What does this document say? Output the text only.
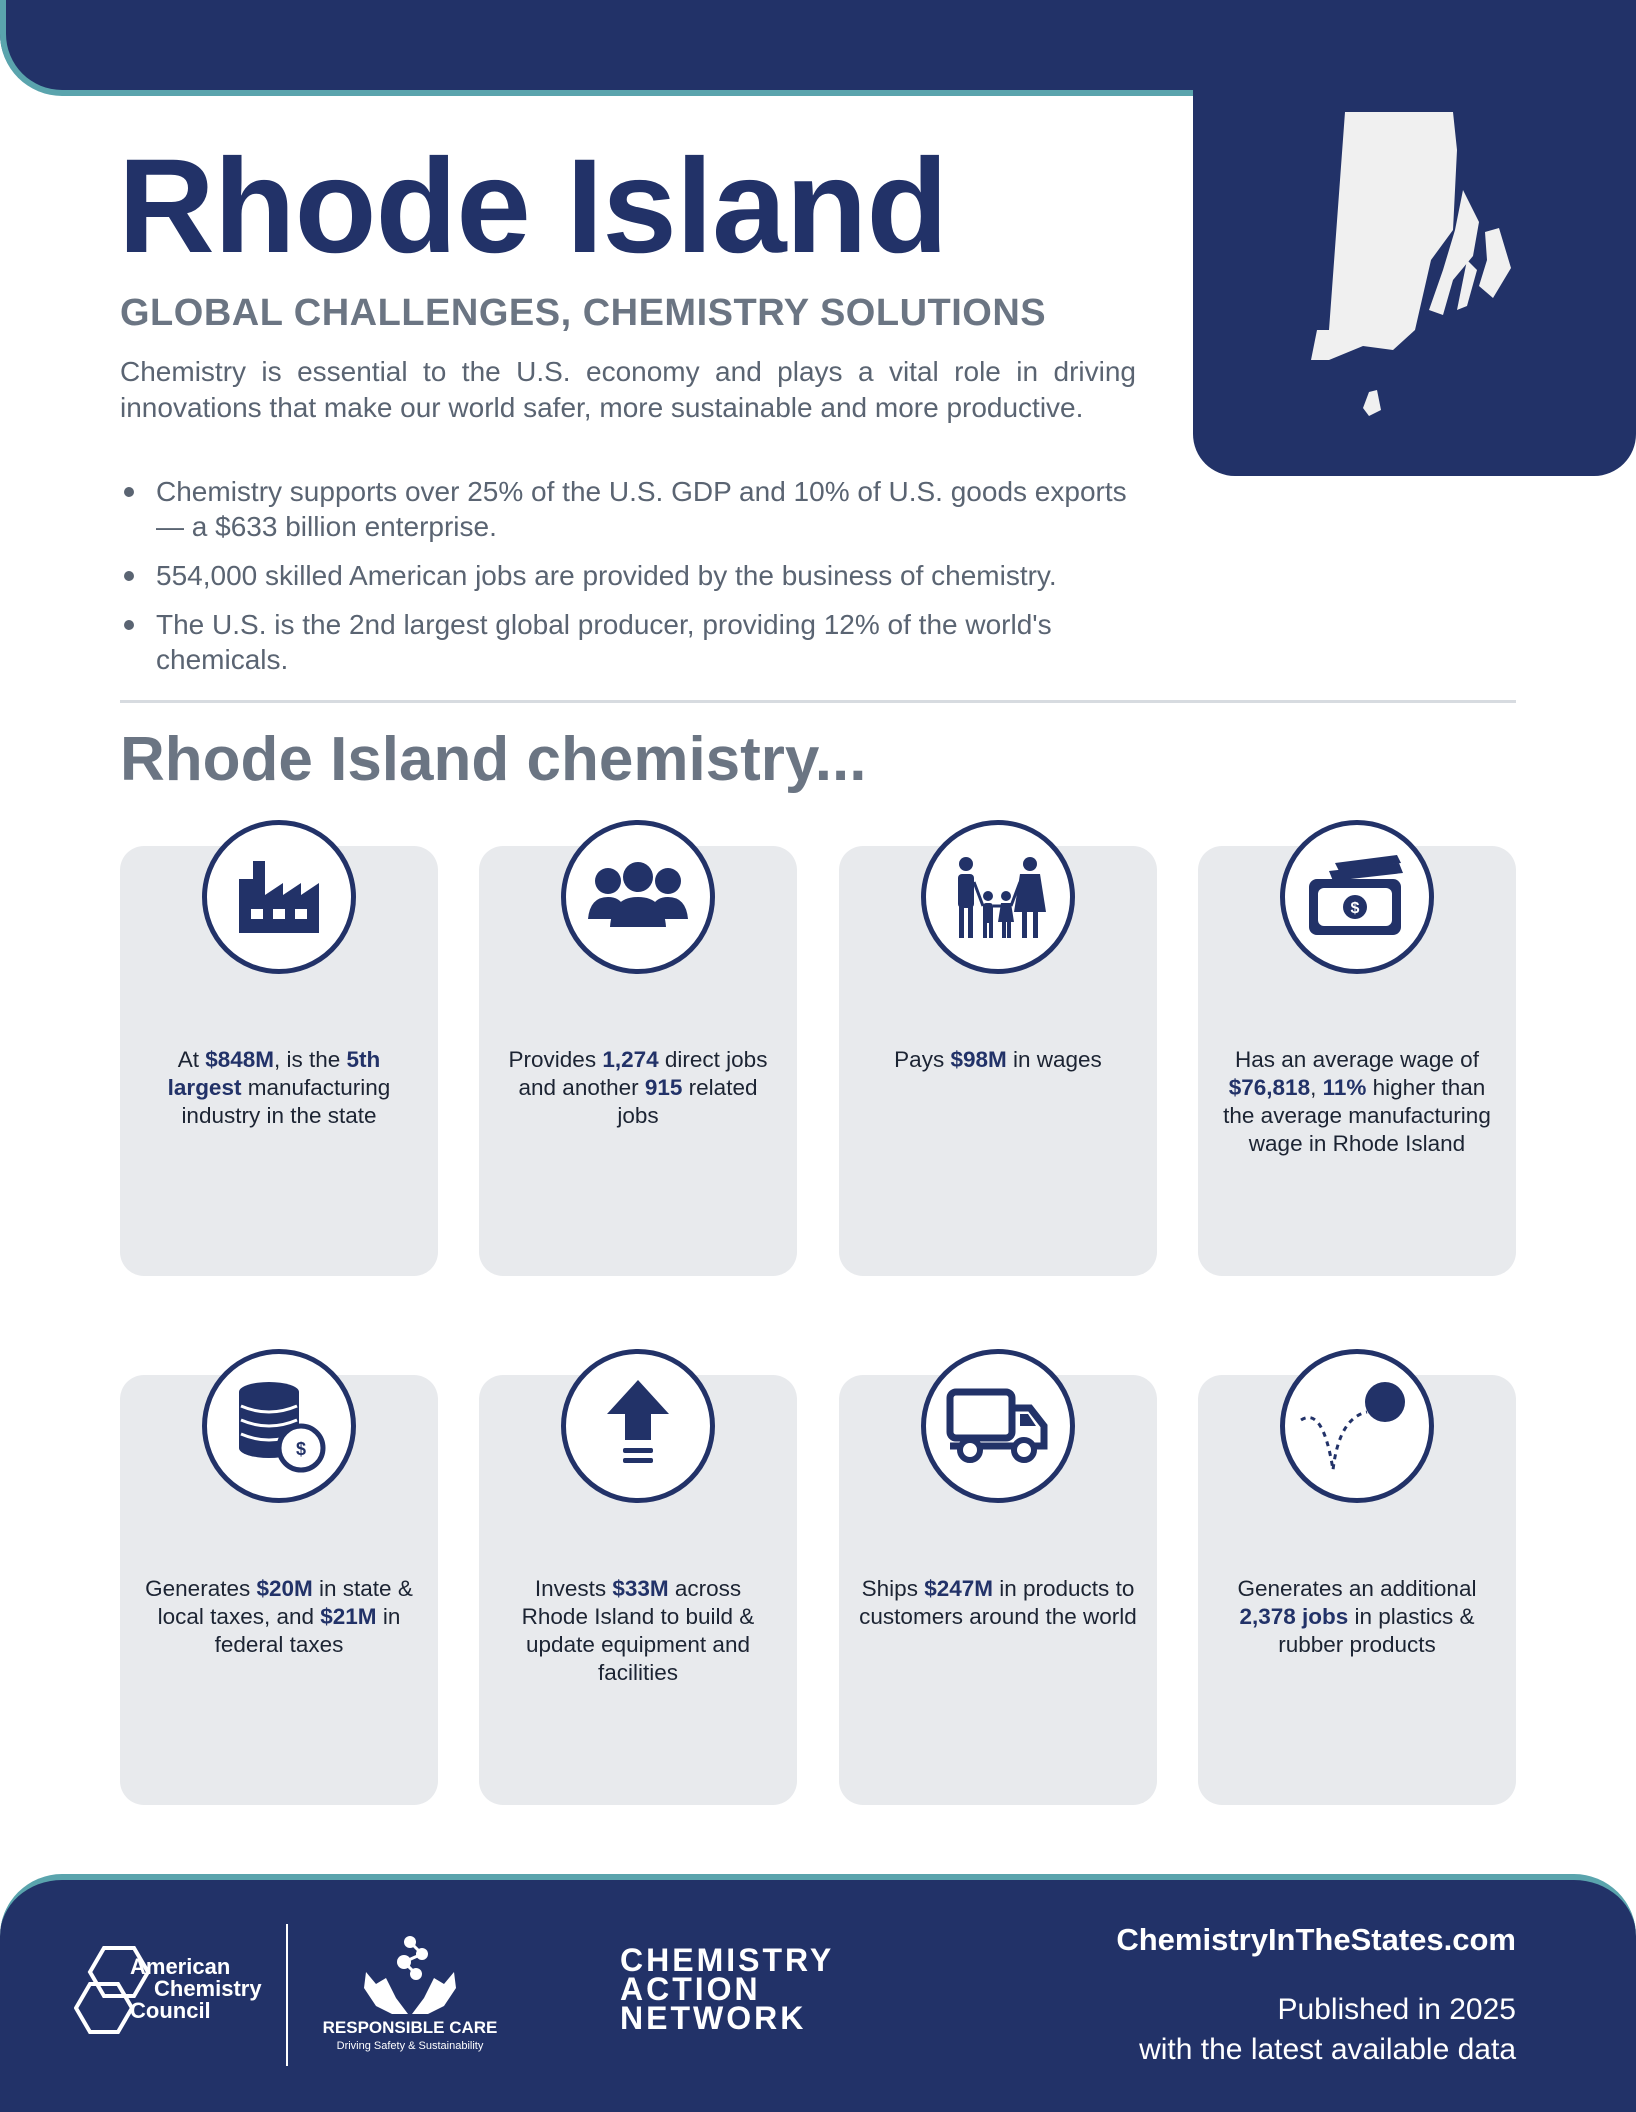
Rhode Island
GLOBAL CHALLENGES, CHEMISTRY SOLUTIONS

Chemistry is essential to the U.S. economy and plays a vital role in driving innovations that make our world safer, more sustainable and more productive.

Chemistry supports over 25% of the U.S. GDP and 10% of U.S. goods exports — a $633 billion enterprise.
554,000 skilled American jobs are provided by the business of chemistry.
The U.S. is the 2nd largest global producer, providing 12% of the world's chemicals.
Rhode Island chemistry...
At $848M, is the 5th largest manufacturing industry in the state
Provides 1,274 direct jobs and another 915 related jobs
Pays $98M in wages
$
Has an average wage of $76,818, 11% higher than the average manufacturing wage in Rhode Island
$
Generates $20M in state & local taxes, and $21M in federal taxes
Invests $33M across Rhode Island to build & update equipment and facilities
Ships $247M in products to customers around the world
Generates an additional 2,378 jobs in plastics & rubber products
American
Chemistry
Council
RESPONSIBLE CARE
Driving Safety & Sustainability
CHEMISTRY
ACTION
NETWORK
ChemistryInTheStates.com
Published in 2025
with the latest available data
